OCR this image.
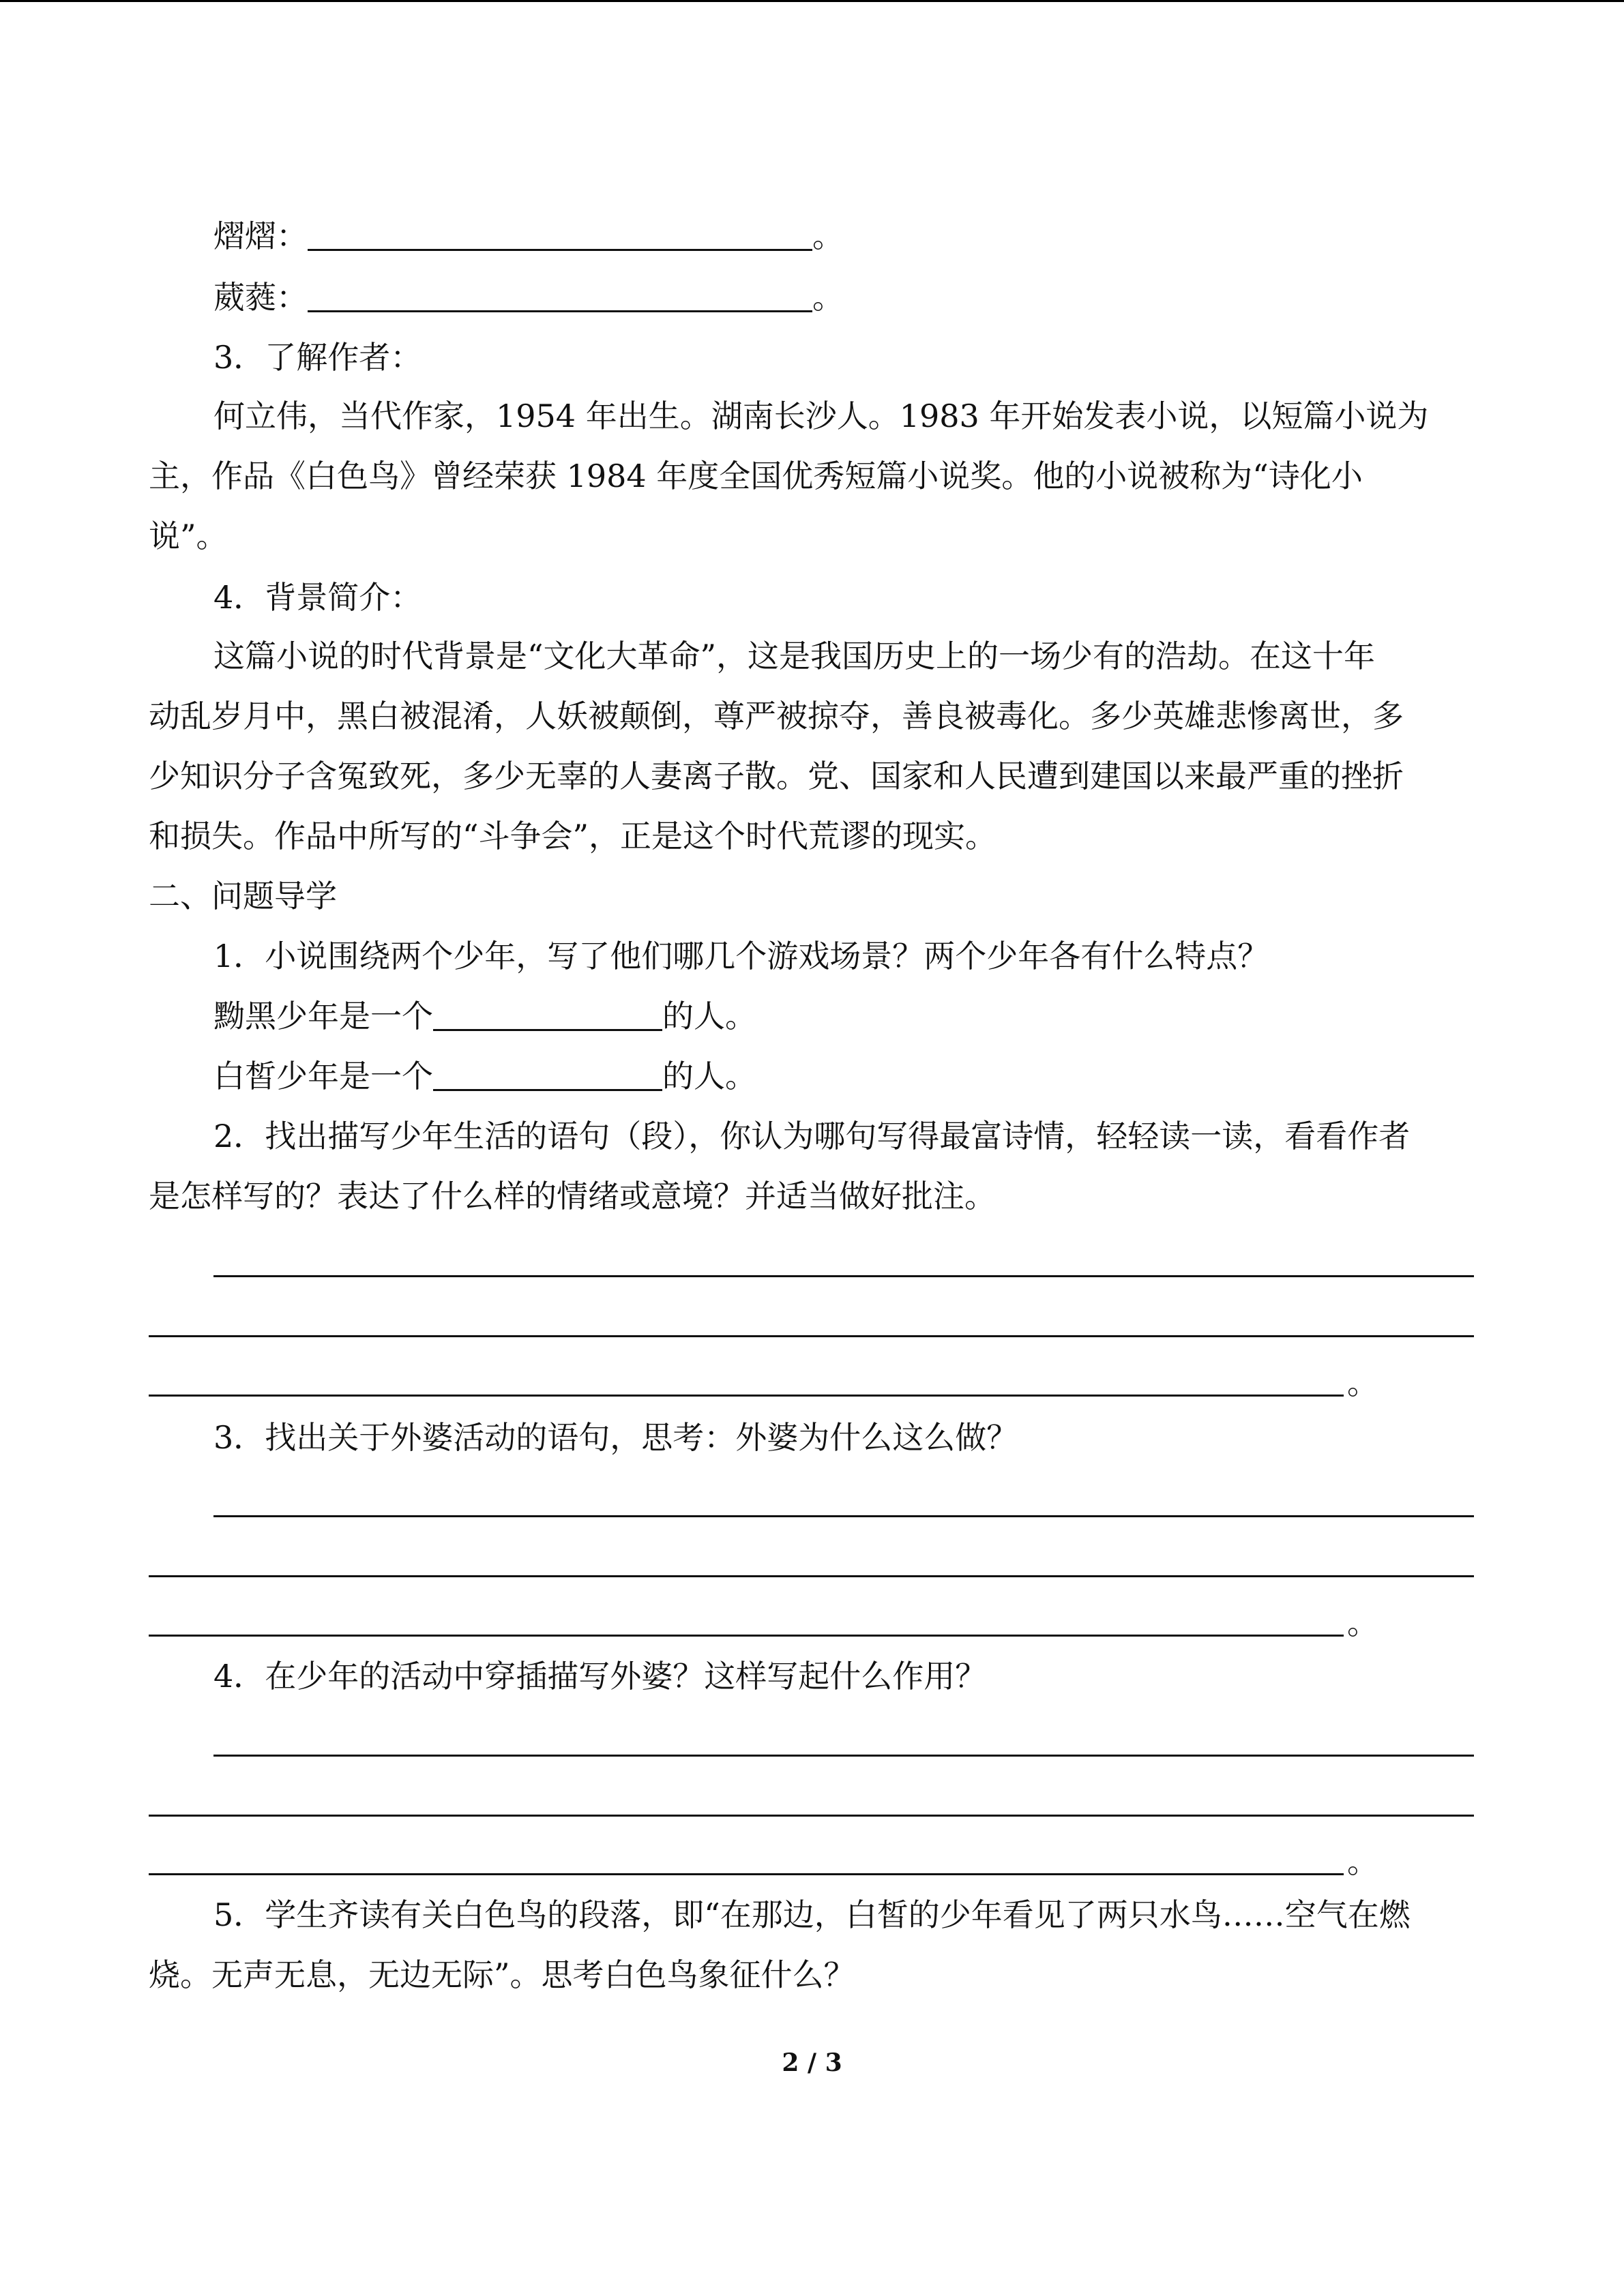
熠熠：	。
葳蕤：	。
3．了解作者：
何立伟，当代作家，1954 年出生。湖南长沙人。1983 年开始发表小说，以短篇小说为
主，作品《白色鸟》曾经荣获 1984 年度全国优秀短篇小说奖。他的小说被称为“诗化小
说”。
4．背景简介：
这篇小说的时代背景是“文化大革命”，这是我国历史上的一场少有的浩劫。在这十年
动乱岁月中，黑白被混淆，人妖被颠倒，尊严被掠夺，善良被毒化。多少英雄悲惨离世，多
少知识分子含冤致死，多少无辜的人妻离子散。党、国家和人民遭到建国以来最严重的挫折
和损失。作品中所写的“斗争会”，正是这个时代荒谬的现实。
二、问题导学
1．小说围绕两个少年，写了他们哪几个游戏场景？两个少年各有什么特点？
黝黑少年是一个	的人。
白皙少年是一个	的人。
2．找出描写少年生活的语句（段），你认为哪句写得最富诗情，轻轻读一读，看看作者
是怎样写的？表达了什么样的情绪或意境？并适当做好批注。
。
3．找出关于外婆活动的语句，思考：外婆为什么这么做？
。
4．在少年的活动中穿插描写外婆？这样写起什么作用？
。
5．学生齐读有关白色鸟的段落，即“在那边，白皙的少年看见了两只水鸟……空气在燃
烧。无声无息，无边无际”。思考白色鸟象征什么？
2 / 3
